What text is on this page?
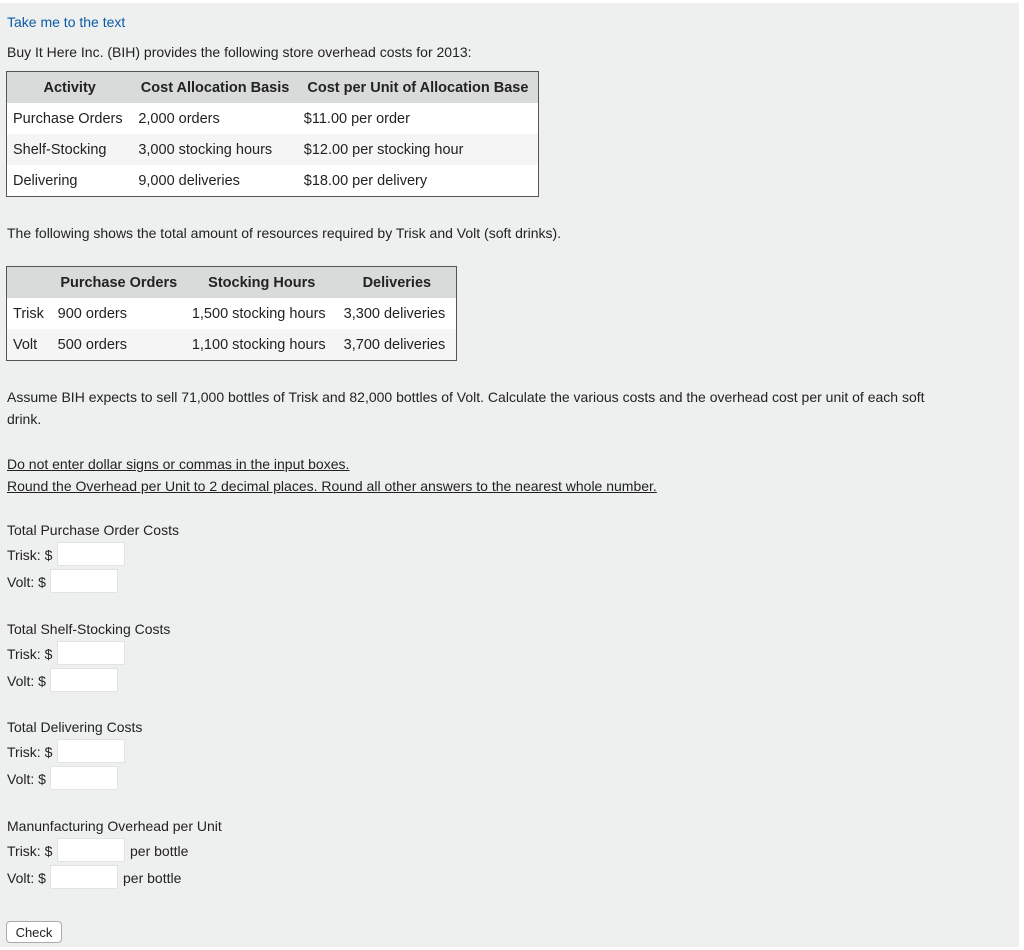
Take me to the text
Buy It Here Inc. (BIH) provides the following store overhead costs for 2013:
Activity	Cost Allocation Basis	Cost per Unit of Allocation Base
Purchase Orders	2,000 orders	$11.00 per order
Shelf-Stocking	3,000 stocking hours	$12.00 per stocking hour
Delivering	9,000 deliveries	$18.00 per delivery
The following shows the total amount of resources required by Trisk and Volt (soft drinks).
	Purchase Orders	Stocking Hours	Deliveries
Trisk	900 orders	1,500 stocking hours	3,300 deliveries
Volt	500 orders	1,100 stocking hours	3,700 deliveries
Assume BIH expects to sell 71,000 bottles of Trisk and 82,000 bottles of Volt. Calculate the various costs and the overhead cost per unit of each soft
drink.
Do not enter dollar signs or commas in the input boxes.
Round the Overhead per Unit to 2 decimal places. Round all other answers to the nearest whole number.
Total Purchase Order Costs
Trisk: $
Volt: $
Total Shelf-Stocking Costs
Trisk: $
Volt: $
Total Delivering Costs
Trisk: $
Volt: $
Manunfacturing Overhead per Unit
Trisk: $	per bottle
Volt: $	per bottle
Check
